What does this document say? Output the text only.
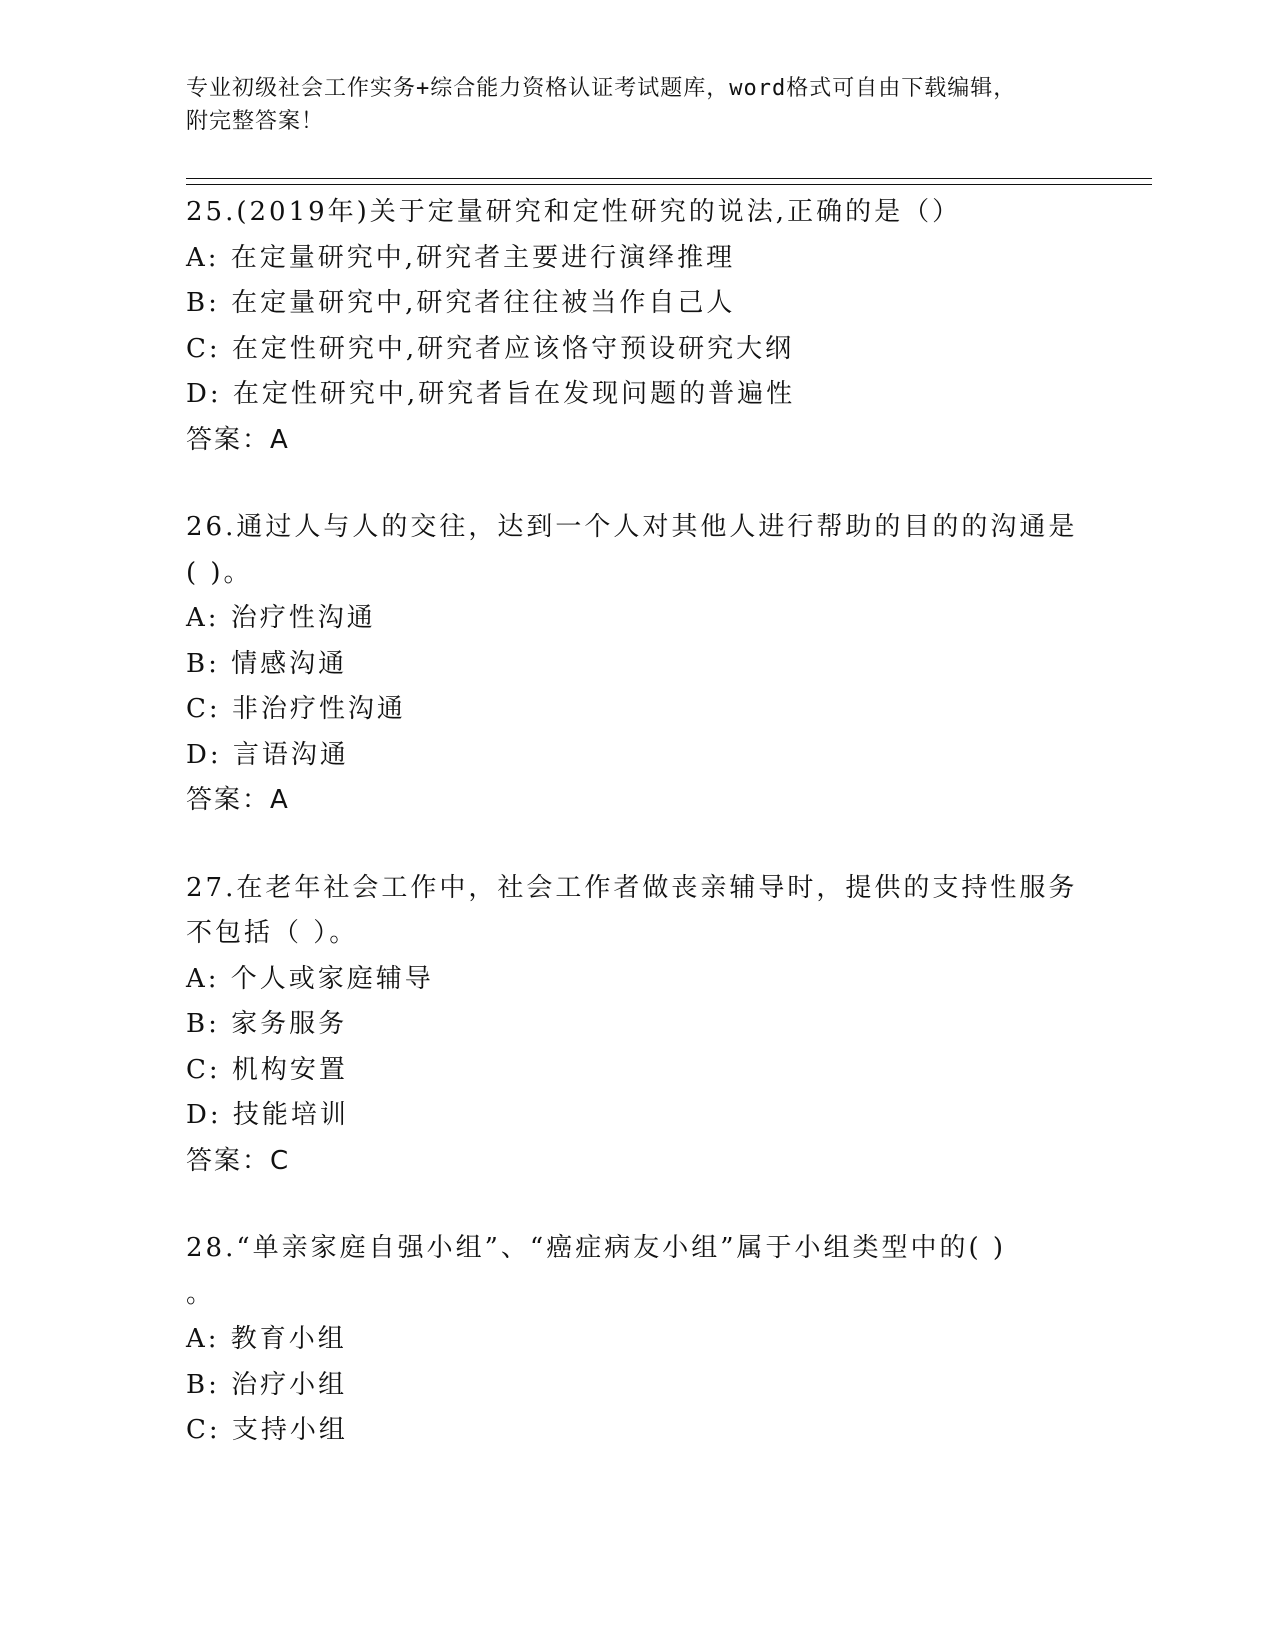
专业初级社会工作实务+综合能力资格认证考试题库，word格式可自由下载编辑，
附完整答案！
25.(2019年)关于定量研究和定性研究的说法,正确的是（）
A: 在定量研究中,研究者主要进行演绎推理
B: 在定量研究中,研究者往往被当作自己人
C: 在定性研究中,研究者应该恪守预设研究大纲
D: 在定性研究中,研究者旨在发现问题的普遍性
答案：A
26.通过人与人的交往，达到一个人对其他人进行帮助的目的的沟通是
( )。
A: 治疗性沟通
B: 情感沟通
C: 非治疗性沟通
D: 言语沟通
答案：A
27.在老年社会工作中，社会工作者做丧亲辅导时，提供的支持性服务
不包括（ ）。
A: 个人或家庭辅导
B: 家务服务
C: 机构安置
D: 技能培训
答案：C
28.“单亲家庭自强小组”、“癌症病友小组”属于小组类型中的( )
。
A: 教育小组
B: 治疗小组
C: 支持小组
